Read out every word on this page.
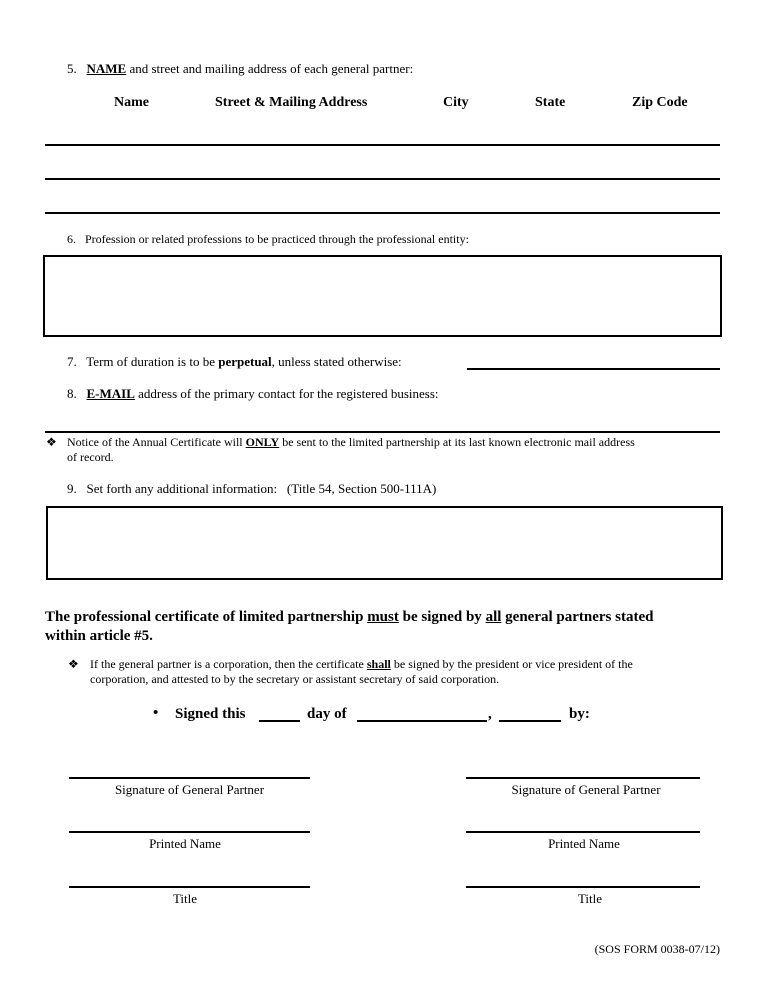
5. NAME and street and mailing address of each general partner:
Name	Street & Mailing Address	City	State	Zip Code
6. Profession or related professions to be practiced through the professional entity:
7. Term of duration is to be perpetual, unless stated otherwise:
8. E-MAIL address of the primary contact for the registered business:
❖ Notice of the Annual Certificate will ONLY be sent to the limited partnership at its last known electronic mail address
of record.
9. Set forth any additional information: (Title 54, Section 500-111A)
The professional certificate of limited partnership must be signed by all general partners stated
within article #5.
❖ If the general partner is a corporation, then the certificate shall be signed by the president or vice president of the
corporation, and attested to by the secretary or assistant secretary of said corporation.
• Signed this	day of	,	by:
Signature of General Partner
Printed Name
Title
Signature of General Partner
Printed Name
Title
(SOS FORM 0038-07/12)
